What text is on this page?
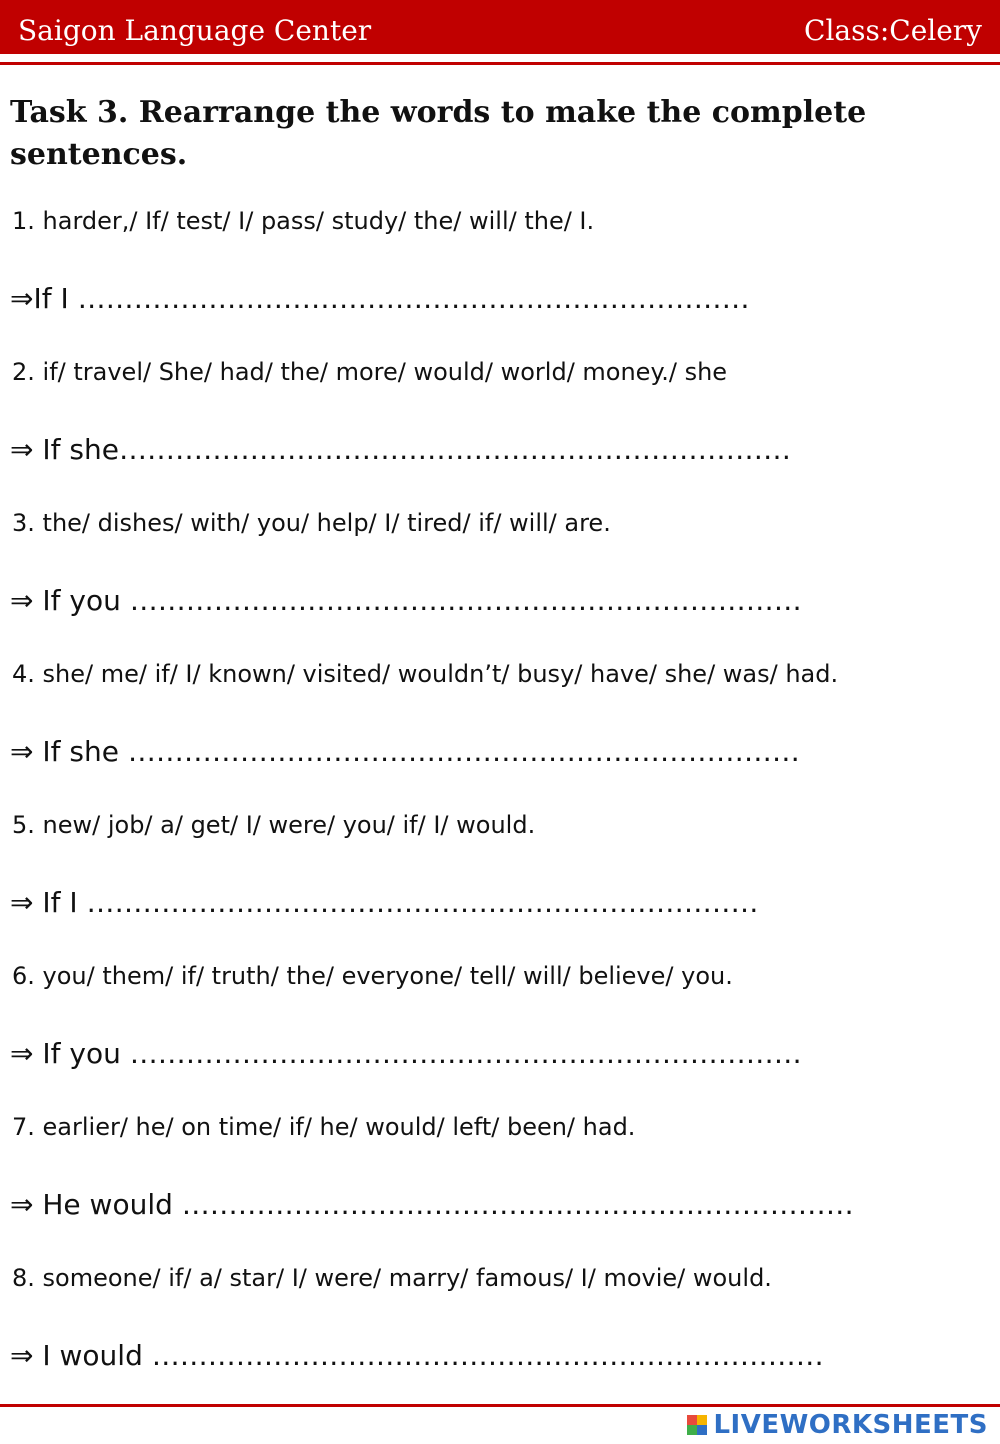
Saigon Language Center	Class:Celery
Task 3. Rearrange the words to make the complete sentences.
1. harder,/ If/ test/ I/ pass/ study/ the/ will/ the/ I.
⇒If I ………………………………………………………………
2. if/ travel/ She/ had/ the/ more/ would/ world/ money./ she
⇒ If she………………………………………………………………
3. the/ dishes/ with/ you/ help/ I/ tired/ if/ will/ are.
⇒ If you ………………………………………………………………
4. she/ me/ if/ I/ known/ visited/ wouldn’t/ busy/ have/ she/ was/ had.
⇒ If she ………………………………………………………………
5. new/ job/ a/ get/ I/ were/ you/ if/ I/ would.
⇒ If I ………………………………………………………………
6. you/ them/ if/ truth/ the/ everyone/ tell/ will/ believe/ you.
⇒ If you ………………………………………………………………
7. earlier/ he/ on time/ if/ he/ would/ left/ been/ had.
⇒ He would ………………………………………………………………
8. someone/ if/ a/ star/ I/ were/ marry/ famous/ I/ movie/ would.
⇒ I would ………………………………………………………………
LIVEWORKSHEETS
